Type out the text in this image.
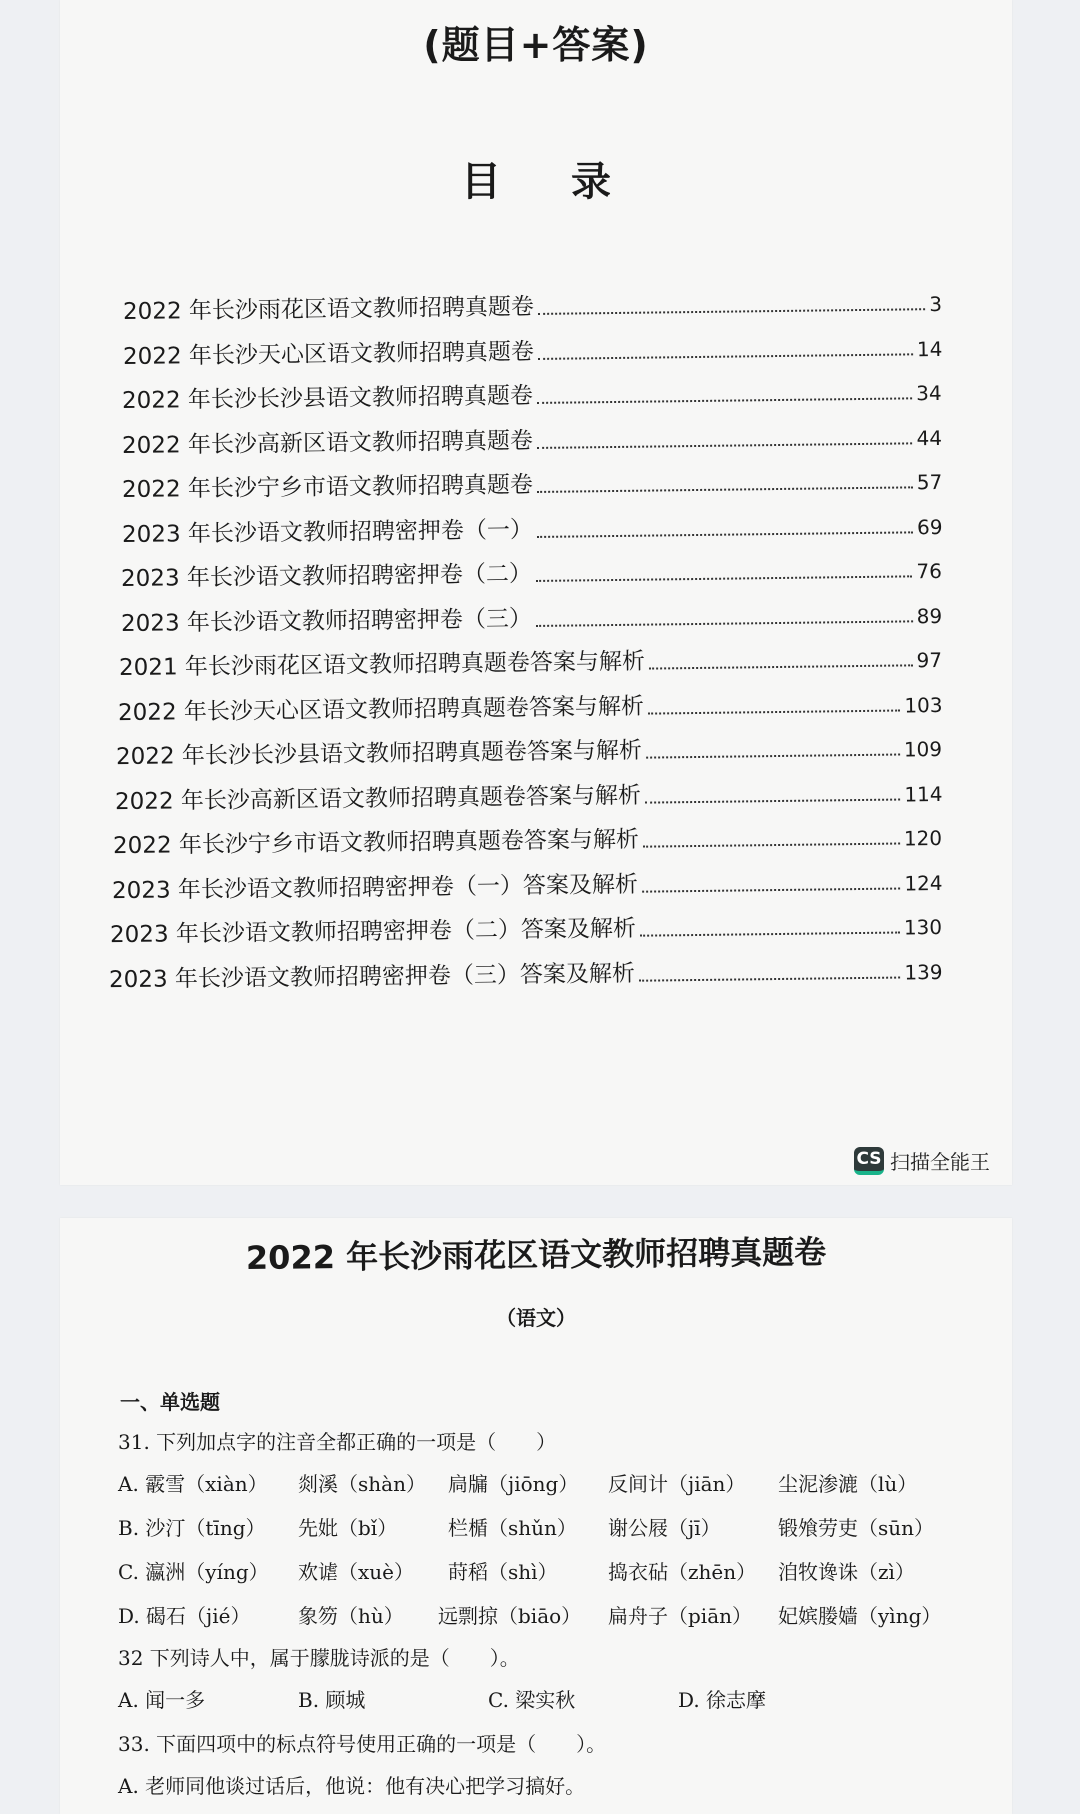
(题目+答案)
目 录
2022 年长沙雨花区语文教师招聘真题卷	3
2022 年长沙天心区语文教师招聘真题卷	14
2022 年长沙长沙县语文教师招聘真题卷	34
2022 年长沙高新区语文教师招聘真题卷	44
2022 年长沙宁乡市语文教师招聘真题卷	57
2023 年长沙语文教师招聘密押卷（一）	69
2023 年长沙语文教师招聘密押卷（二）	76
2023 年长沙语文教师招聘密押卷（三）	89
2021 年长沙雨花区语文教师招聘真题卷答案与解析	97
2022 年长沙天心区语文教师招聘真题卷答案与解析	103
2022 年长沙长沙县语文教师招聘真题卷答案与解析	109
2022 年长沙高新区语文教师招聘真题卷答案与解析	114
2022 年长沙宁乡市语文教师招聘真题卷答案与解析	120
2023 年长沙语文教师招聘密押卷（一）答案及解析	124
2023 年长沙语文教师招聘密押卷（二）答案及解析	130
2023 年长沙语文教师招聘密押卷（三）答案及解析	139
CS 扫描全能王
2022 年长沙雨花区语文教师招聘真题卷
（语文）
一、单选题
31. 下列加点字的注音全都正确的一项是（　　）
A. 霰雪（xiàn） 剡溪（shàn） 扃牖（jiōng） 反间计（jiān） 尘泥渗漉（lù）
B. 沙汀（tīng） 先妣（bǐ）	栏楯（shǔn） 谢公屐（jī）	锻飧劳吏（sūn）
C. 瀛洲（yíng） 欢谑（xuè） 莳稻（shì）	捣衣砧（zhēn） 洎牧谗诛（zì）
D. 碣石（jié） 象笏（hù） 远剽掠（biāo） 扁舟子（piān） 妃嫔媵嫱（yìng）
32 下列诗人中，属于朦胧诗派的是（　　）。
A. 闻一多	B. 顾城	C. 梁实秋	D. 徐志摩
33. 下面四项中的标点符号使用正确的一项是（　　）。
A. 老师同他谈过话后，他说：他有决心把学习搞好。
